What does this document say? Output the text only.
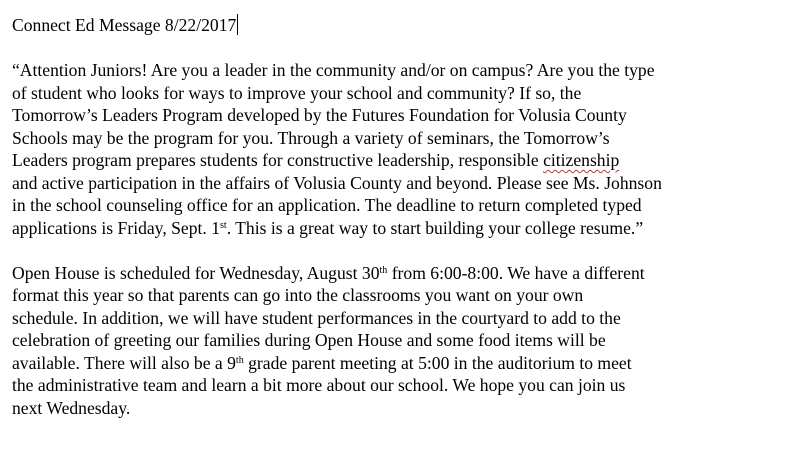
Connect Ed Message 8/22/2017
“Attention Juniors! Are you a leader in the community and/or on campus? Are you the type
of student who looks for ways to improve your school and community? If so, the
Tomorrow’s Leaders Program developed by the Futures Foundation for Volusia County
Schools may be the program for you. Through a variety of seminars, the Tomorrow’s
Leaders program prepares students for constructive leadership, responsible citizenship
and active participation in the affairs of Volusia County and beyond. Please see Ms. Johnson
in the school counseling office for an application. The deadline to return completed typed
applications is Friday, Sept. 1st. This is a great way to start building your college resume.”
Open House is scheduled for Wednesday, August 30th from 6:00-8:00. We have a different
format this year so that parents can go into the classrooms you want on your own
schedule. In addition, we will have student performances in the courtyard to add to the
celebration of greeting our families during Open House and some food items will be
available. There will also be a 9th grade parent meeting at 5:00 in the auditorium to meet
the administrative team and learn a bit more about our school. We hope you can join us
next Wednesday.
